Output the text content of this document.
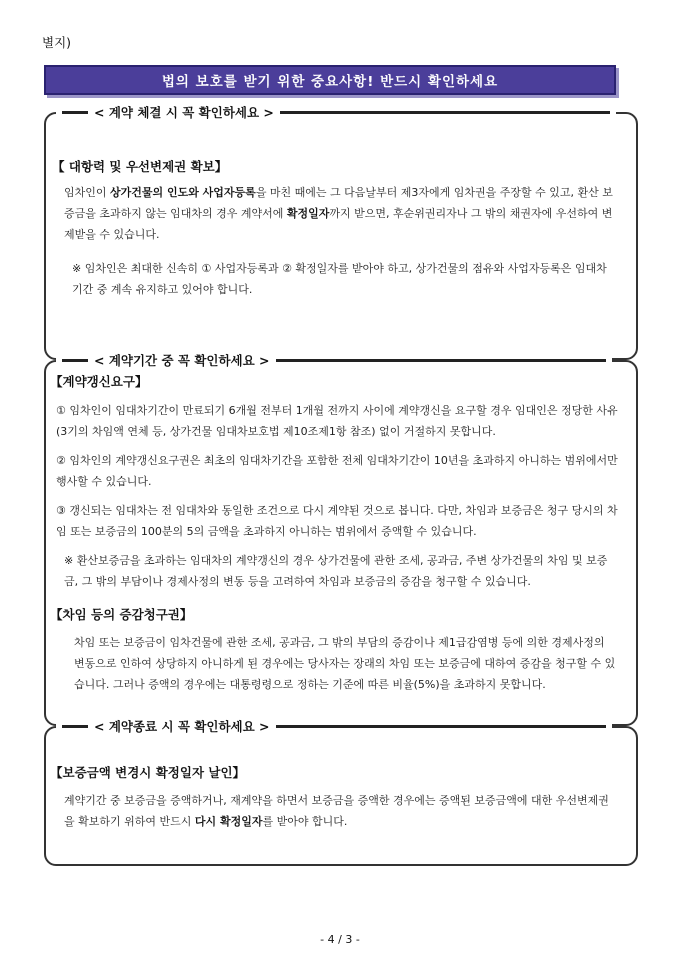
별지)
법의 보호를 받기 위한 중요사항! 반드시 확인하세요
< 계약 체결 시 꼭 확인하세요 >
【 대항력 및 우선변제권 확보】
임차인이 상가건물의 인도와 사업자등록을 마친 때에는 그 다음날부터 제3자에게 임차권을 주장할 수 있고, 환산 보증금을 초과하지 않는 임대차의 경우 계약서에 확정일자까지 받으면, 후순위권리자나 그 밖의 채권자에 우선하여 변제받을 수 있습니다.
※ 임차인은 최대한 신속히 ① 사업자등록과 ② 확정일자를 받아야 하고, 상가건물의 점유와 사업자등록은 임대차 기간 중 계속 유지하고 있어야 합니다.
< 계약기간 중 꼭 확인하세요 >
【계약갱신요구】
① 임차인이 임대차기간이 만료되기 6개월 전부터 1개월 전까지 사이에 계약갱신을 요구할 경우 임대인은 정당한 사유(3기의 차임액 연체 등, 상가건물 임대차보호법 제10조제1항 참조) 없이 거절하지 못합니다.
② 임차인의 계약갱신요구권은 최초의 임대차기간을 포함한 전체 임대차기간이 10년을 초과하지 아니하는 범위에서만 행사할 수 있습니다.
③ 갱신되는 임대차는 전 임대차와 동일한 조건으로 다시 계약된 것으로 봅니다. 다만, 차임과 보증금은 청구 당시의 차임 또는 보증금의 100분의 5의 금액을 초과하지 아니하는 범위에서 증액할 수 있습니다.
※ 환산보증금을 초과하는 임대차의 계약갱신의 경우 상가건물에 관한 조세, 공과금, 주변 상가건물의 차임 및 보증금, 그 밖의 부담이나 경제사정의 변동 등을 고려하여 차임과 보증금의 증감을 청구할 수 있습니다.
【차임 등의 증감청구권】
차임 또는 보증금이 임차건물에 관한 조세, 공과금, 그 밖의 부담의 증감이나 제1급감염병 등에 의한 경제사정의 변동으로 인하여 상당하지 아니하게 된 경우에는 당사자는 장래의 차임 또는 보증금에 대하여 증감을 청구할 수 있습니다. 그러나 증액의 경우에는 대통령령으로 정하는 기준에 따른 비율(5%)을 초과하지 못합니다.
< 계약종료 시 꼭 확인하세요 >
【보증금액 변경시 확정일자 날인】
계약기간 중 보증금을 증액하거나, 재계약을 하면서 보증금을 증액한 경우에는 증액된 보증금액에 대한 우선변제권을 확보하기 위하여 반드시 다시 확정일자를 받아야 합니다.
- 4 / 3 -
